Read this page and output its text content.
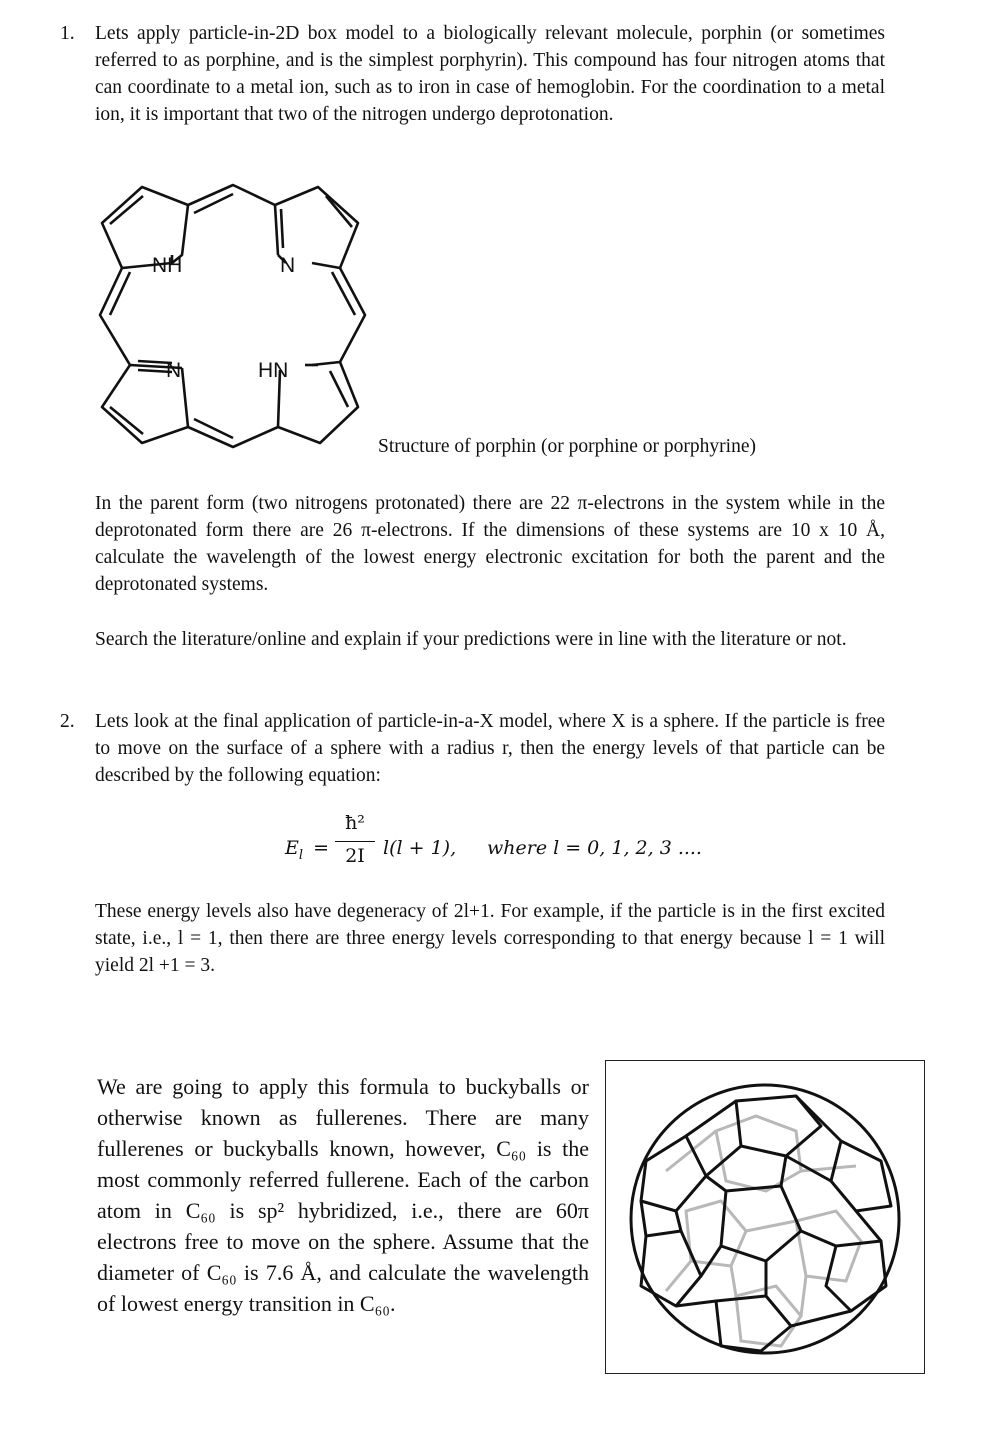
1. Lets apply particle-in-2D box model to a biologically relevant molecule, porphin (or sometimes referred to as porphine, and is the simplest porphyrin). This compound has four nitrogen atoms that can coordinate to a metal ion, such as to iron in case of hemoglobin. For the coordination to a metal ion, it is important that two of the nitrogen undergo deprotonation.
NH	N
N	HN
Structure of porphin (or porphine or porphyrine)
In the parent form (two nitrogens protonated) there are 22 π-electrons in the system while in the deprotonated form there are 26 π-electrons. If the dimensions of these systems are 10 x 10 Å, calculate the wavelength of the lowest energy electronic excitation for both the parent and the deprotonated systems.
Search the literature/online and explain if your predictions were in line with the literature or not.
2. Lets look at the final application of particle-in-a-X model, where X is a sphere. If the particle is free to move on the surface of a sphere with a radius r, then the energy levels of that particle can be described by the following equation:
$E_l$ =
ħ²
2I l(l + 1), where l = 0, 1, 2, 3 ....
These energy levels also have degeneracy of 2l+1. For example, if the particle is in the first excited state, i.e., l = 1, then there are three energy levels corresponding to that energy because l = 1 will yield 2l +1 = 3.
We are going to apply this formula to buckyballs or otherwise known as fullerenes. There are many fullerenes or buckyballs known, however, C₆₀ is the most commonly referred fullerene. Each of the carbon atom in C₆₀ is sp² hybridized, i.e., there are 60π electrons free to move on the sphere. Assume that the diameter of C₆₀ is 7.6 Å, and calculate the wavelength of lowest energy transition in C₆₀.
